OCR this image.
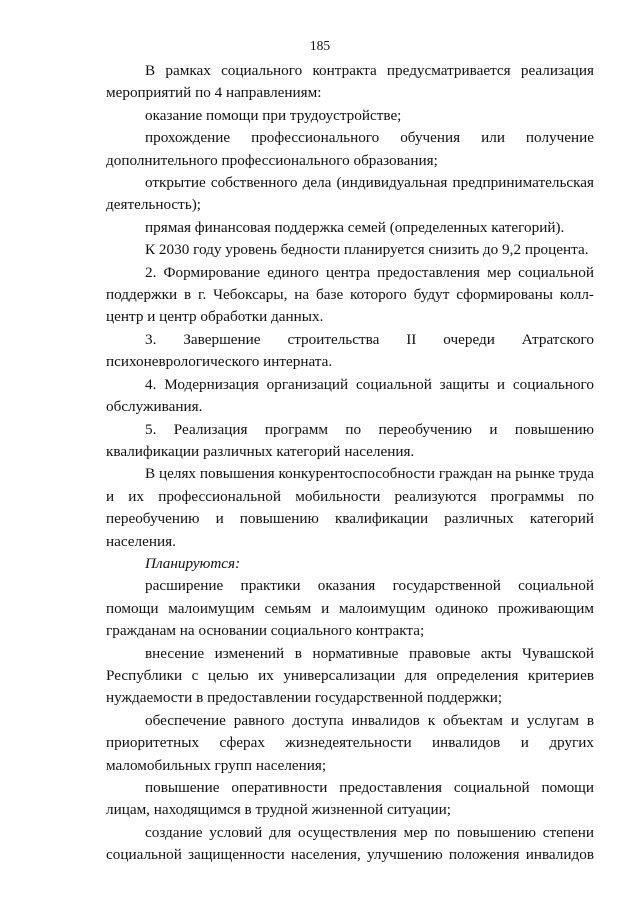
185

В рамках социального контракта предусматривается реализация мероприятий по 4 направлениям:

оказание помощи при трудоустройстве;

прохождение профессионального обучения или получение дополнительного профессионального образования;

открытие собственного дела (индивидуальная предпринимательская деятельность);

прямая финансовая поддержка семей (определенных категорий).

К 2030 году уровень бедности планируется снизить до 9,2 процента.

2. Формирование единого центра предоставления мер социальной поддержки в г. Чебоксары, на базе которого будут сформированы колл-центр и центр обработки данных.

3. Завершение строительства II очереди Атратского психоневрологического интерната.

4. Модернизация организаций социальной защиты и социального обслуживания.

5. Реализация программ по переобучению и повышению квалификации различных категорий населения.

В целях повышения конкурентоспособности граждан на рынке труда и их профессиональной мобильности реализуются программы по переобучению и повышению квалификации различных категорий населения.

Планируются:

расширение практики оказания государственной социальной помощи малоимущим семьям и малоимущим одиноко проживающим гражданам на основании социального контракта;

внесение изменений в нормативные правовые акты Чувашской Республики с целью их универсализации для определения критериев нуждаемости в предоставлении государственной поддержки;

обеспечение равного доступа инвалидов к объектам и услугам в приоритетных сферах жизнедеятельности инвалидов и других маломобильных групп населения;

повышение оперативности предоставления социальной помощи лицам, находящимся в трудной жизненной ситуации;

создание условий для осуществления мер по повышению степени социальной защищенности населения, улучшению положения инвалидов
